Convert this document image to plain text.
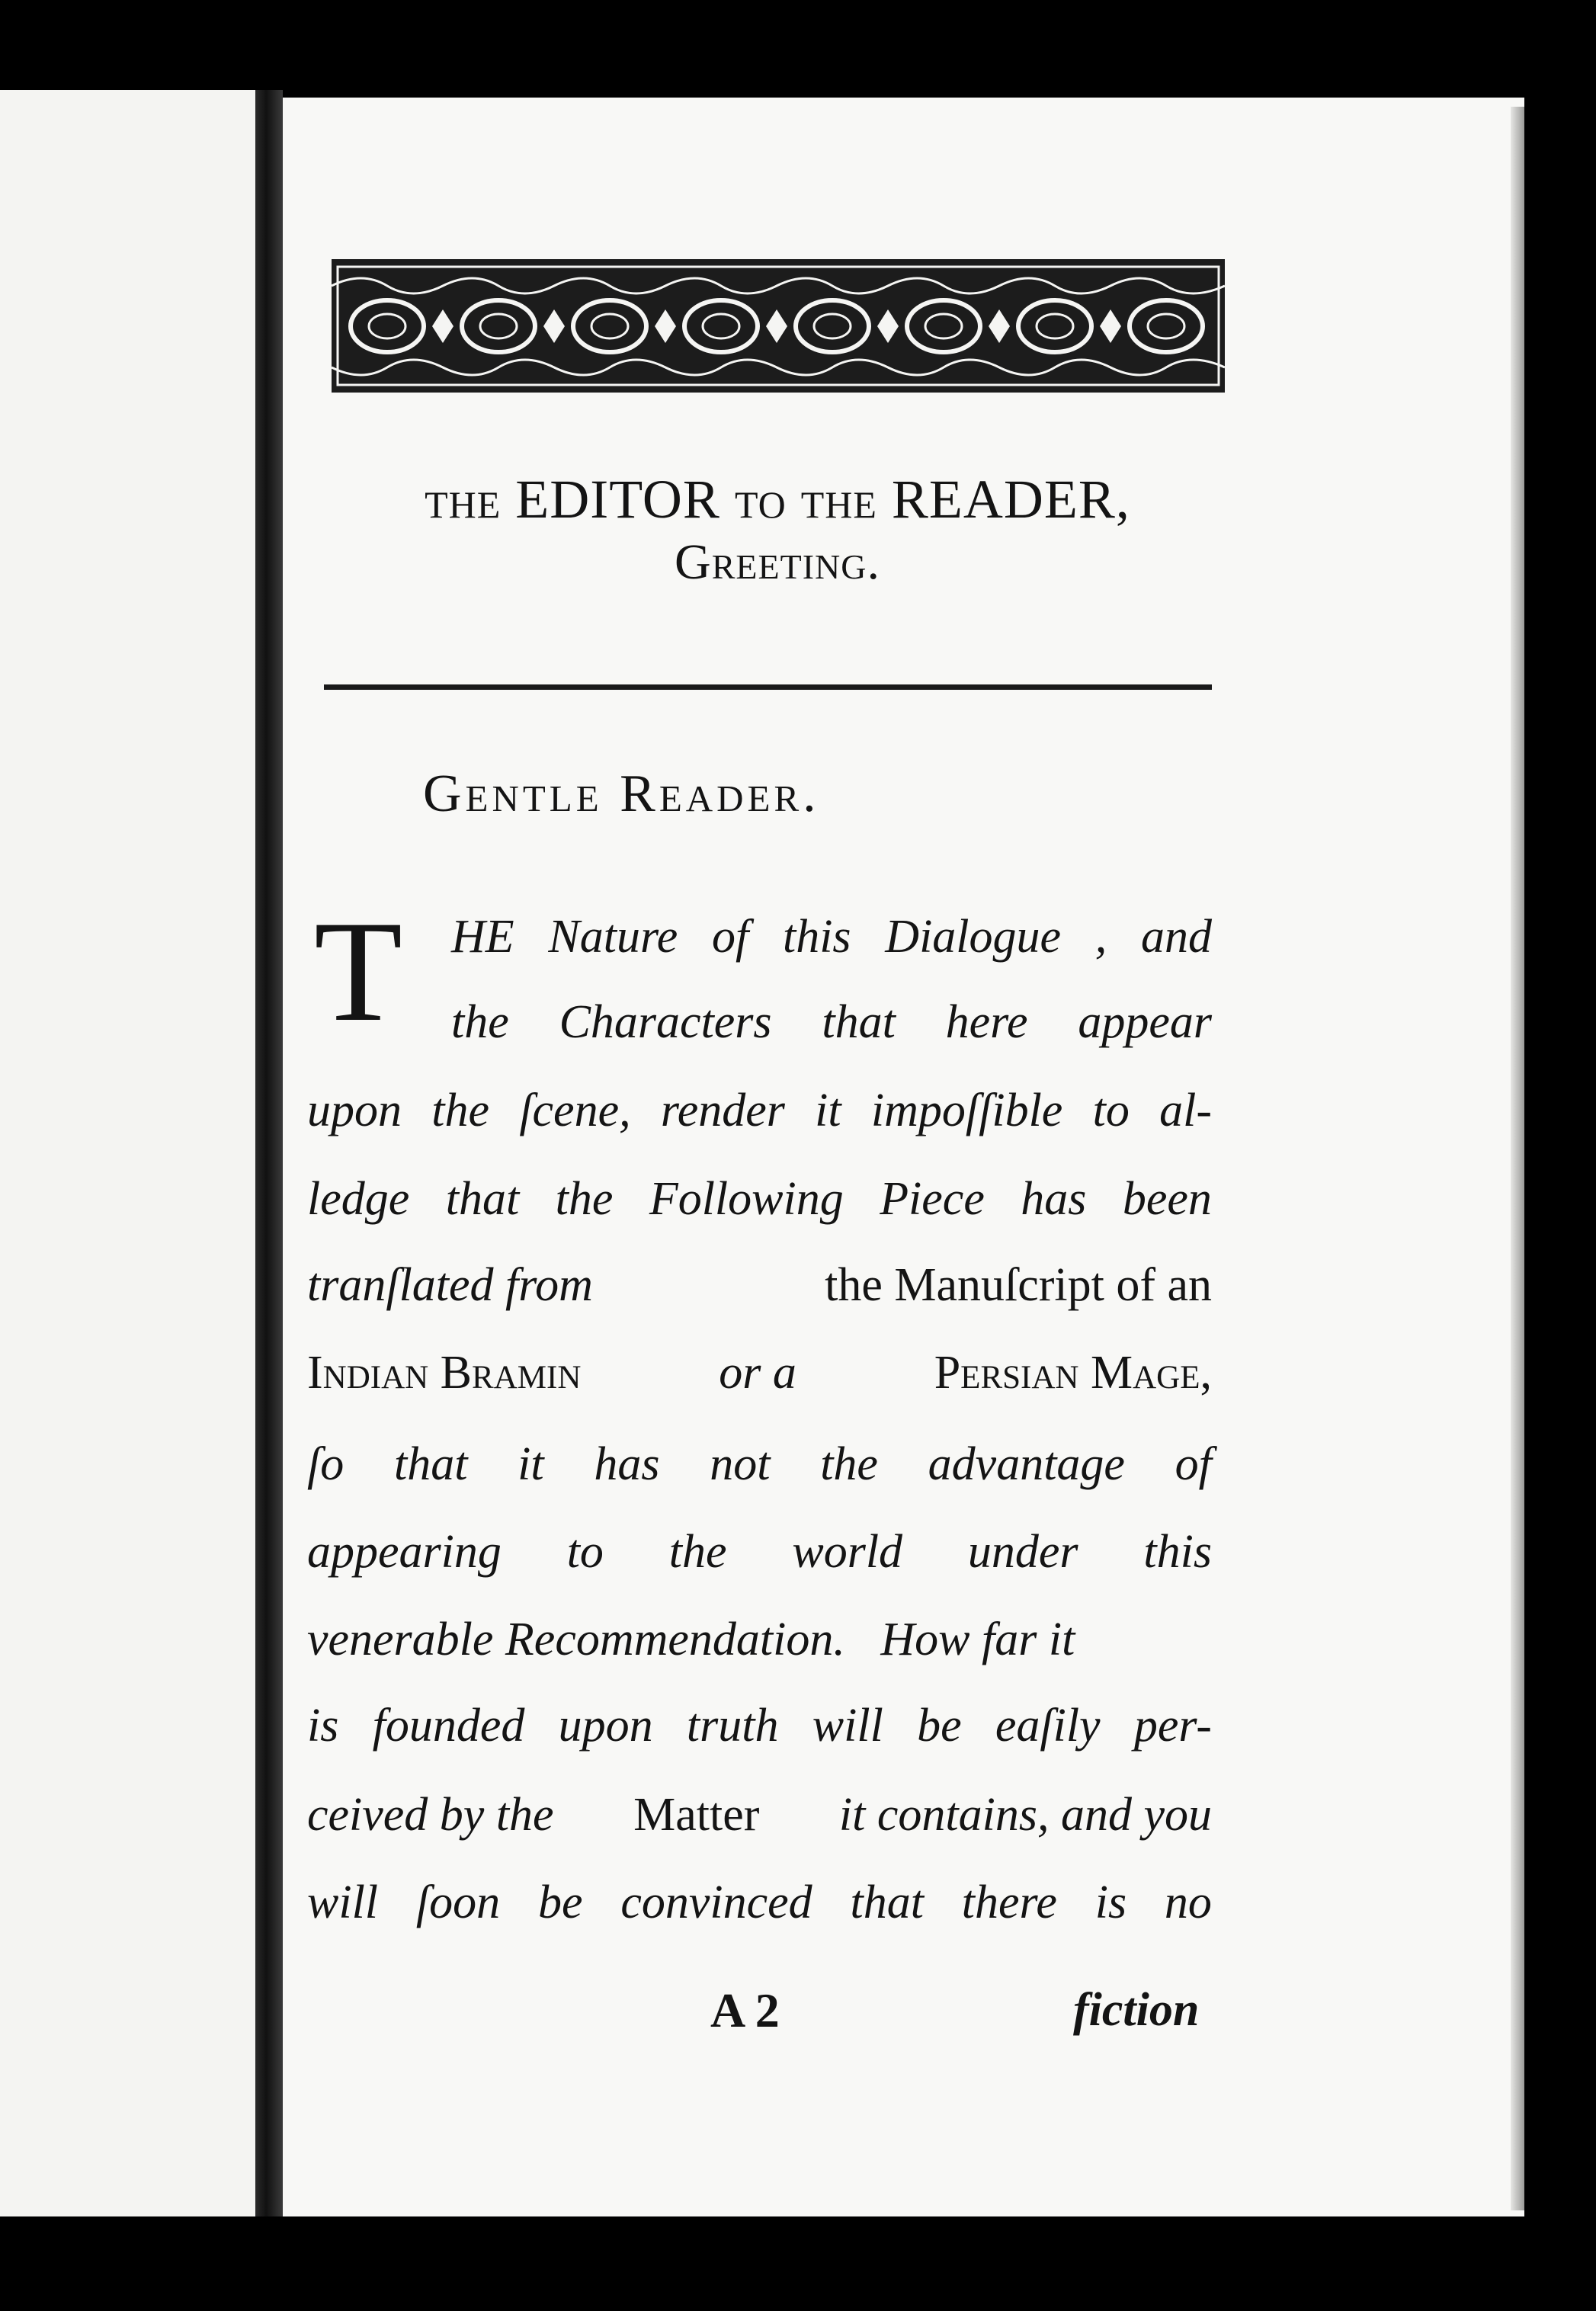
THE EDITOR TO THE READER,

Greeting.

Gentle Reader.

T HE Nature of this Dialogue , and

the Characters that here appear

upon the ſcene, render it impoſſible to al-

ledge that the Following Piece has been

tranſlated from	the Manuſcript of an

Indian Bramin	or a	Persian Mage,

ſo that it has not the advantage of

appearing to the world under this

venerable Recommendation.   How far it

is founded upon truth will be eaſily per-

ceived by the Matter it contains, and you

will ſoon be convinced that there is no

A 2	fiction
